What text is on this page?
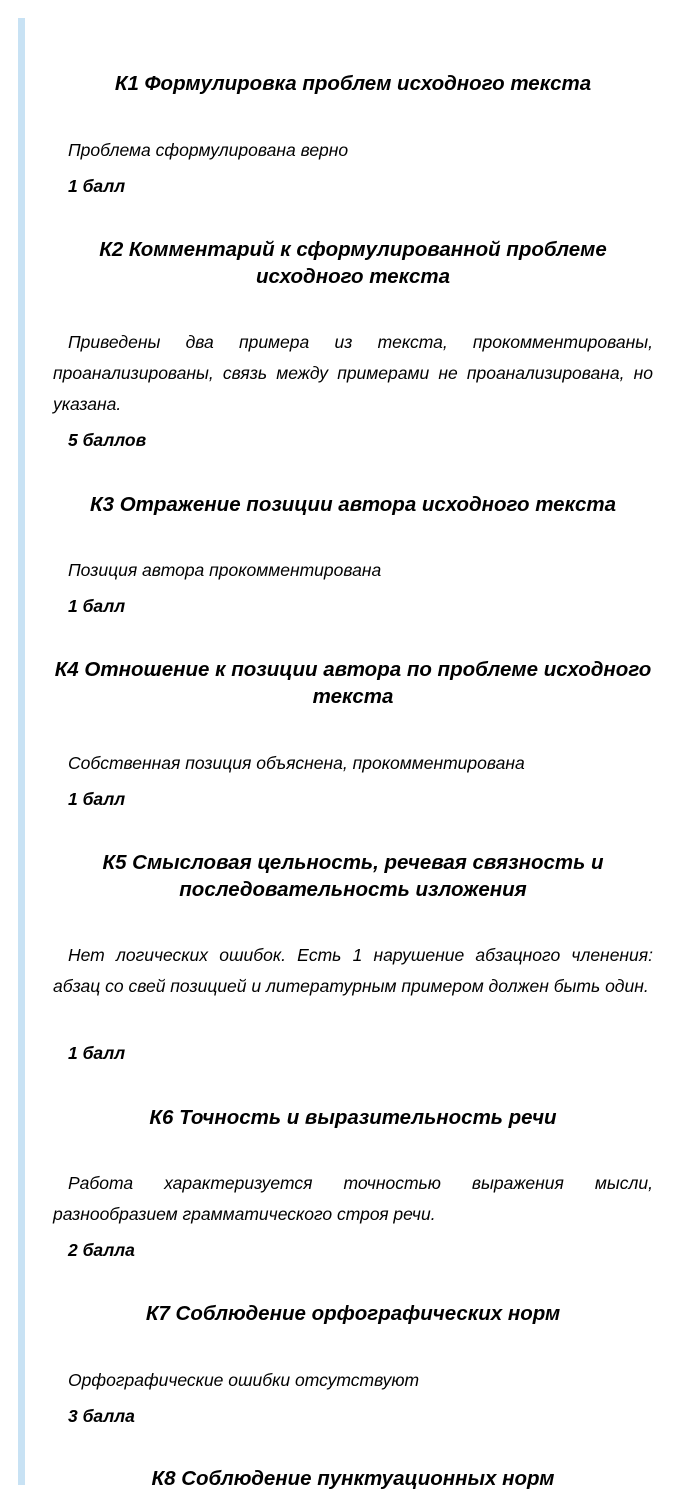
К1 Формулировка проблем исходного текста

Проблема сформулирована верно

1 балл

К2 Комментарий к сформулированной проблеме исходного текста

Приведены два примера из текста, прокомментированы, проанализированы, связь между примерами не проанализирована, но указана.

5 баллов

К3 Отражение позиции автора исходного текста

Позиция автора прокомментирована

1 балл

К4 Отношение к позиции автора по проблеме исходного текста

Собственная позиция объяснена, прокомментирована

1 балл

К5 Смысловая цельность, речевая связность и последовательность изложения

Нет логических ошибок. Есть 1 нарушение абзацного членения: абзац со свей позицией и литературным примером должен быть один.

1 балл

К6 Точность и выразительность речи

Работа характеризуется точностью выражения мысли, разнообразием грамматического строя речи.

2 балла

К7 Соблюдение орфографических норм

Орфографические ошибки отсутствуют

3 балла

К8 Соблюдение пунктуационных норм
